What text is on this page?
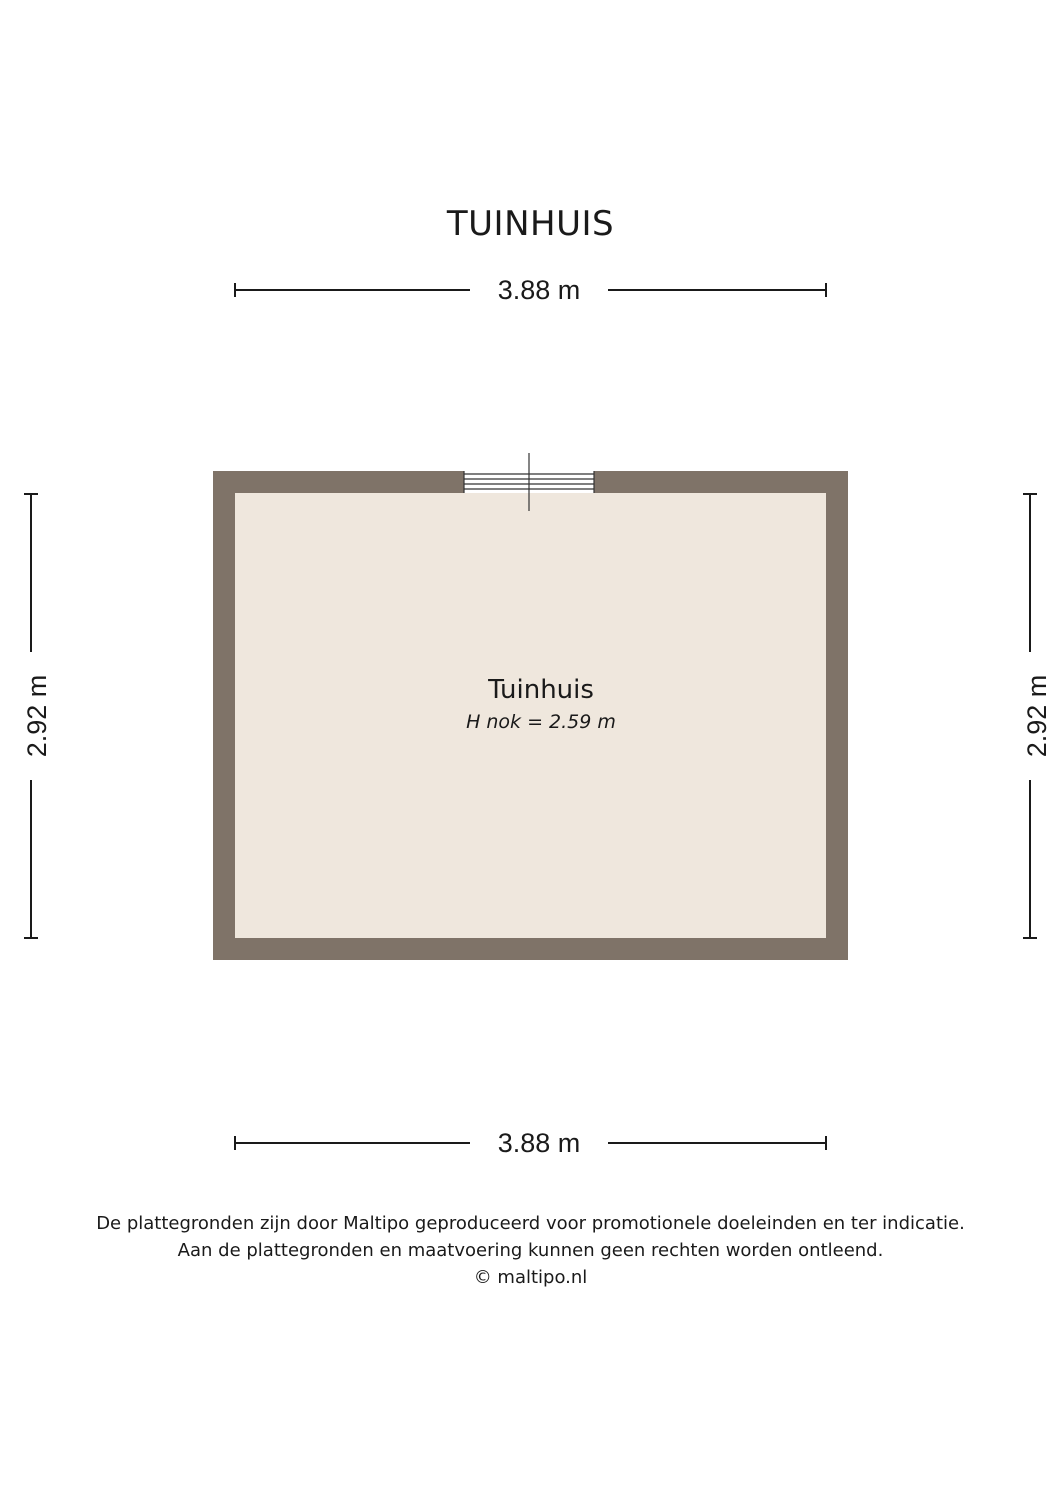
TUINHUIS
3.88 m
3.88 m
2.92 m	2.92 m
Tuinhuis
H nok = 2.59 m
De plattegronden zijn door Maltipo geproduceerd voor promotionele doeleinden en ter indicatie.
Aan de plattegronden en maatvoering kunnen geen rechten worden ontleend.
© maltipo.nl
